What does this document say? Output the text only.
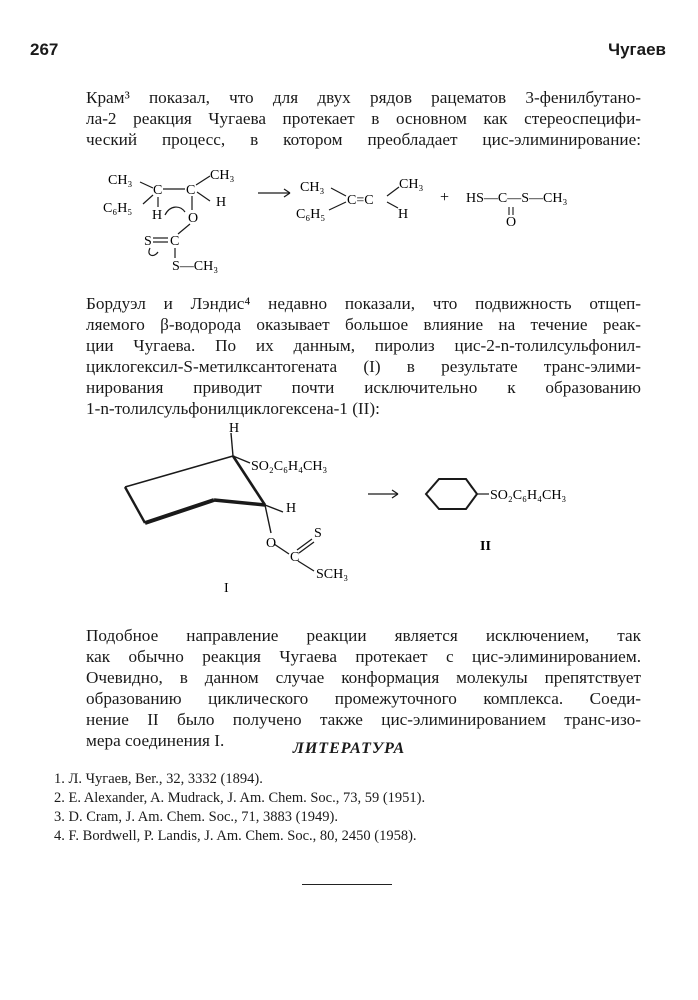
267	Чугаев
Крам³ показал, что для двух рядов рацематов 3-фенилбутано-
ла-2 реакция Чугаева протекает в основном как стереоспецифи-
ческий процесс, в котором преобладает цис-элиминирование:
CH₃
C₆H₅
C C
CH₃
H O
H
S C
S—CH₃
CH₃
C₆H₅
C=C
CH₃
H
+ HS—C—S—CH₃
O
Бордуэл и Лэндис⁴ недавно показали, что подвижность отщеп-
ляемого β-водорода оказывает большое влияние на течение реак-
ции Чугаева. По их данным, пиролиз цис-2-n-толилсульфонил-
циклогексил-S-метилксантогената (I) в результате транс-элими-
нирования приводит почти исключительно к образованию
1-n-толилсульфонилциклогексена-1 (II):
H
SO₂C₆H₄CH₃
H
O
C
S
SCH₃
I
SO₂C₆H₄CH₃
II
Подобное направление реакции является исключением, так
как обычно реакция Чугаева протекает с цис-элиминированием.
Очевидно, в данном случае конформация молекулы препятствует
образованию циклического промежуточного комплекса. Соеди-
нение II было получено также цис-элиминированием транс-изо-
мера соединения I.	ЛИТЕРАТУРА
1. Л. Чугаев, Ber., 32, 3332 (1894).
2. E. Alexander, A. Mudrack, J. Am. Chem. Soc., 73, 59 (1951).
3. D. Cram, J. Am. Chem. Soc., 71, 3883 (1949).
4. F. Bordwell, P. Landis, J. Am. Chem. Soc., 80, 2450 (1958).
